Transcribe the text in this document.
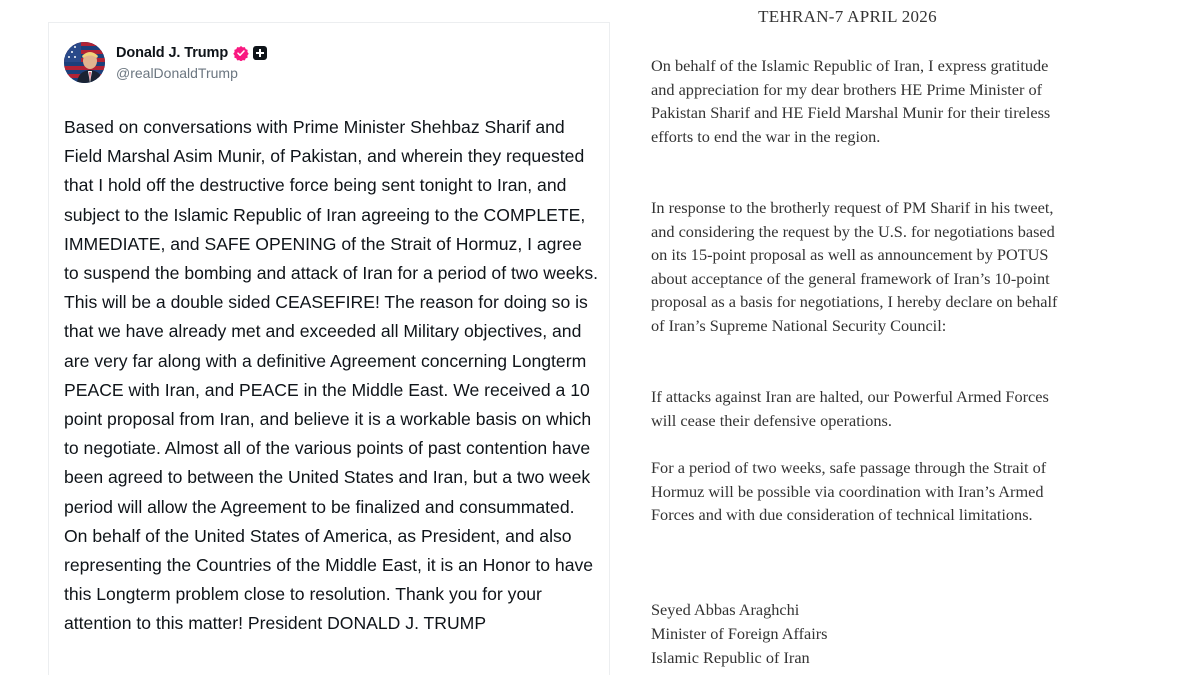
Donald J. Trump
@realDonaldTrump

Based on conversations with Prime Minister Shehbaz Sharif and Field Marshal Asim Munir, of Pakistan, and wherein they requested that I hold off the destructive force being sent tonight to Iran, and subject to the Islamic Republic of Iran agreeing to the COMPLETE, IMMEDIATE, and SAFE OPENING of the Strait of Hormuz, I agree to suspend the bombing and attack of Iran for a period of two weeks. This will be a double sided CEASEFIRE! The reason for doing so is that we have already met and exceeded all Military objectives, and are very far along with a definitive Agreement concerning Longterm PEACE with Iran, and PEACE in the Middle East. We received a 10 point proposal from Iran, and believe it is a workable basis on which to negotiate. Almost all of the various points of past contention have been agreed to between the United States and Iran, but a two week period will allow the Agreement to be finalized and consummated. On behalf of the United States of America, as President, and also representing the Countries of the Middle East, it is an Honor to have this Longterm problem close to resolution. Thank you for your attention to this matter! President DONALD J. TRUMP

TEHRAN-7 APRIL 2026

On behalf of the Islamic Republic of Iran, I express gratitude and appreciation for my dear brothers HE Prime Minister of Pakistan Sharif and HE Field Marshal Munir for their tireless efforts to end the war in the region.

In response to the brotherly request of PM Sharif in his tweet, and considering the request by the U.S. for negotiations based on its 15-point proposal as well as announcement by POTUS about acceptance of the general framework of Iran’s 10-point proposal as a basis for negotiations, I hereby declare on behalf of Iran’s Supreme National Security Council:

If attacks against Iran are halted, our Powerful Armed Forces will cease their defensive operations.

For a period of two weeks, safe passage through the Strait of Hormuz will be possible via coordination with Iran’s Armed Forces and with due consideration of technical limitations.

Seyed Abbas Araghchi
Minister of Foreign Affairs
Islamic Republic of Iran
